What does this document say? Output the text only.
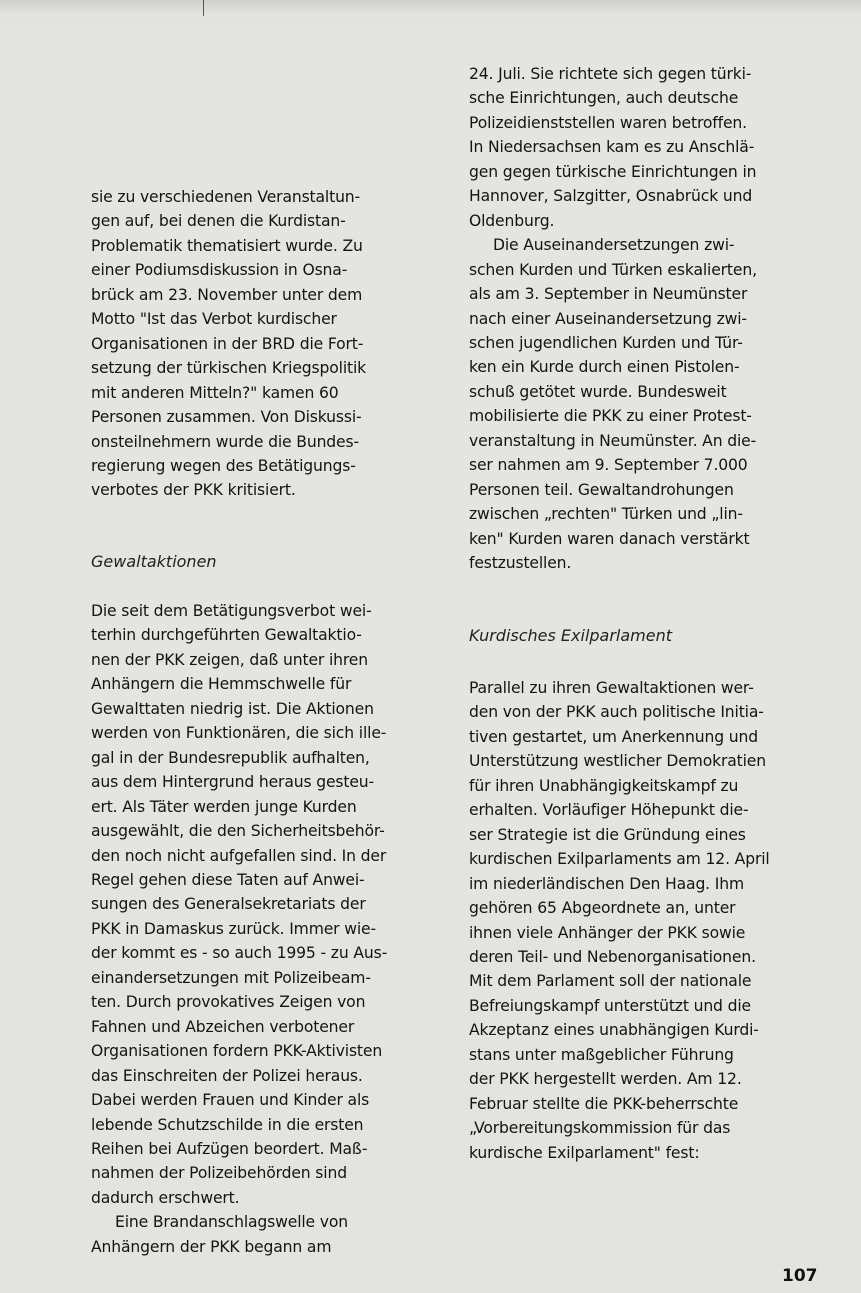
sie zu verschiedenen Veranstaltun-
gen auf, bei denen die Kurdistan-
Problematik thematisiert wurde. Zu
einer Podiumsdiskussion in Osna-
brück am 23. November unter dem
Motto "Ist das Verbot kurdischer
Organisationen in der BRD die Fort-
setzung der türkischen Kriegspolitik
mit anderen Mitteln?" kamen 60
Personen zusammen. Von Diskussi-
onsteilnehmern wurde die Bundes-
regierung wegen des Betätigungs-
verbotes der PKK kritisiert.
Gewaltaktionen
Die seit dem Betätigungsverbot wei-
terhin durchgeführten Gewaltaktio-
nen der PKK zeigen, daß unter ihren
Anhängern die Hemmschwelle für
Gewalttaten niedrig ist. Die Aktionen
werden von Funktionären, die sich ille-
gal in der Bundesrepublik aufhalten,
aus dem Hintergrund heraus gesteu-
ert. Als Täter werden junge Kurden
ausgewählt, die den Sicherheitsbehör-
den noch nicht aufgefallen sind. In der
Regel gehen diese Taten auf Anwei-
sungen des Generalsekretariats der
PKK in Damaskus zurück. Immer wie-
der kommt es - so auch 1995 - zu Aus-
einandersetzungen mit Polizeibeam-
ten. Durch provokatives Zeigen von
Fahnen und Abzeichen verbotener
Organisationen fordern PKK-Aktivisten
das Einschreiten der Polizei heraus.
Dabei werden Frauen und Kinder als
lebende Schutzschilde in die ersten
Reihen bei Aufzügen beordert. Maß-
nahmen der Polizeibehörden sind
dadurch erschwert.
Eine Brandanschlagswelle von
Anhängern der PKK begann am
24. Juli. Sie richtete sich gegen türki-
sche Einrichtungen, auch deutsche
Polizeidienststellen waren betroffen.
In Niedersachsen kam es zu Anschlä-
gen gegen türkische Einrichtungen in
Hannover, Salzgitter, Osnabrück und
Oldenburg.
Die Auseinandersetzungen zwi-
schen Kurden und Türken eskalierten,
als am 3. September in Neumünster
nach einer Auseinandersetzung zwi-
schen jugendlichen Kurden und Tür-
ken ein Kurde durch einen Pistolen-
schuß getötet wurde. Bundesweit
mobilisierte die PKK zu einer Protest-
veranstaltung in Neumünster. An die-
ser nahmen am 9. September 7.000
Personen teil. Gewaltandrohungen
zwischen „rechten" Türken und „lin-
ken" Kurden waren danach verstärkt
festzustellen.
Kurdisches Exilparlament
Parallel zu ihren Gewaltaktionen wer-
den von der PKK auch politische Initia-
tiven gestartet, um Anerkennung und
Unterstützung westlicher Demokratien
für ihren Unabhängigkeitskampf zu
erhalten. Vorläufiger Höhepunkt die-
ser Strategie ist die Gründung eines
kurdischen Exilparlaments am 12. April
im niederländischen Den Haag. Ihm
gehören 65 Abgeordnete an, unter
ihnen viele Anhänger der PKK sowie
deren Teil- und Nebenorganisationen.
Mit dem Parlament soll der nationale
Befreiungskampf unterstützt und die
Akzeptanz eines unabhängigen Kurdi-
stans unter maßgeblicher Führung
der PKK hergestellt werden. Am 12.
Februar stellte die PKK-beherrschte
„Vorbereitungskommission für das
kurdische Exilparlament" fest:
107
